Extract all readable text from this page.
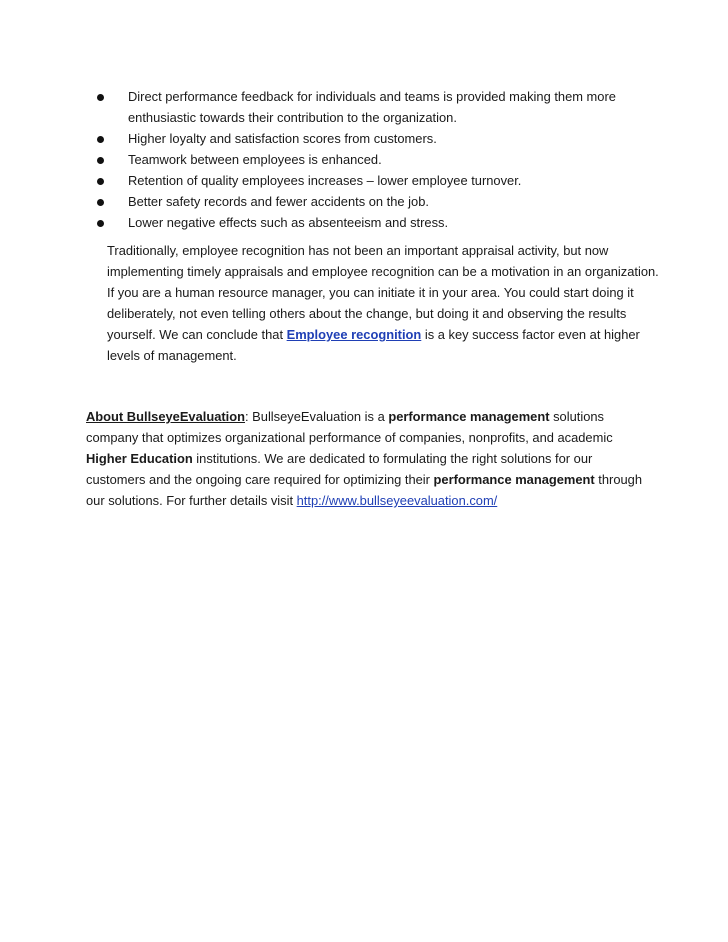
Direct performance feedback for individuals and teams is provided making them more enthusiastic towards their contribution to the organization.
Higher loyalty and satisfaction scores from customers.
Teamwork between employees is enhanced.
Retention of quality employees increases – lower employee turnover.
Better safety records and fewer accidents on the job.
Lower negative effects such as absenteeism and stress.

Traditionally, employee recognition has not been an important appraisal activity, but now implementing timely appraisals and employee recognition can be a motivation in an organization. If you are a human resource manager, you can initiate it in your area. You could start doing it deliberately, not even telling others about the change, but doing it and observing the results yourself. We can conclude that Employee recognition is a key success factor even at higher levels of management.

About BullseyeEvaluation: BullseyeEvaluation is a performance management solutions company that optimizes organizational performance of companies, nonprofits, and academic Higher Education institutions. We are dedicated to formulating the right solutions for our customers and the ongoing care required for optimizing their performance management through our solutions. For further details visit http://www.bullseyeevaluation.com/
